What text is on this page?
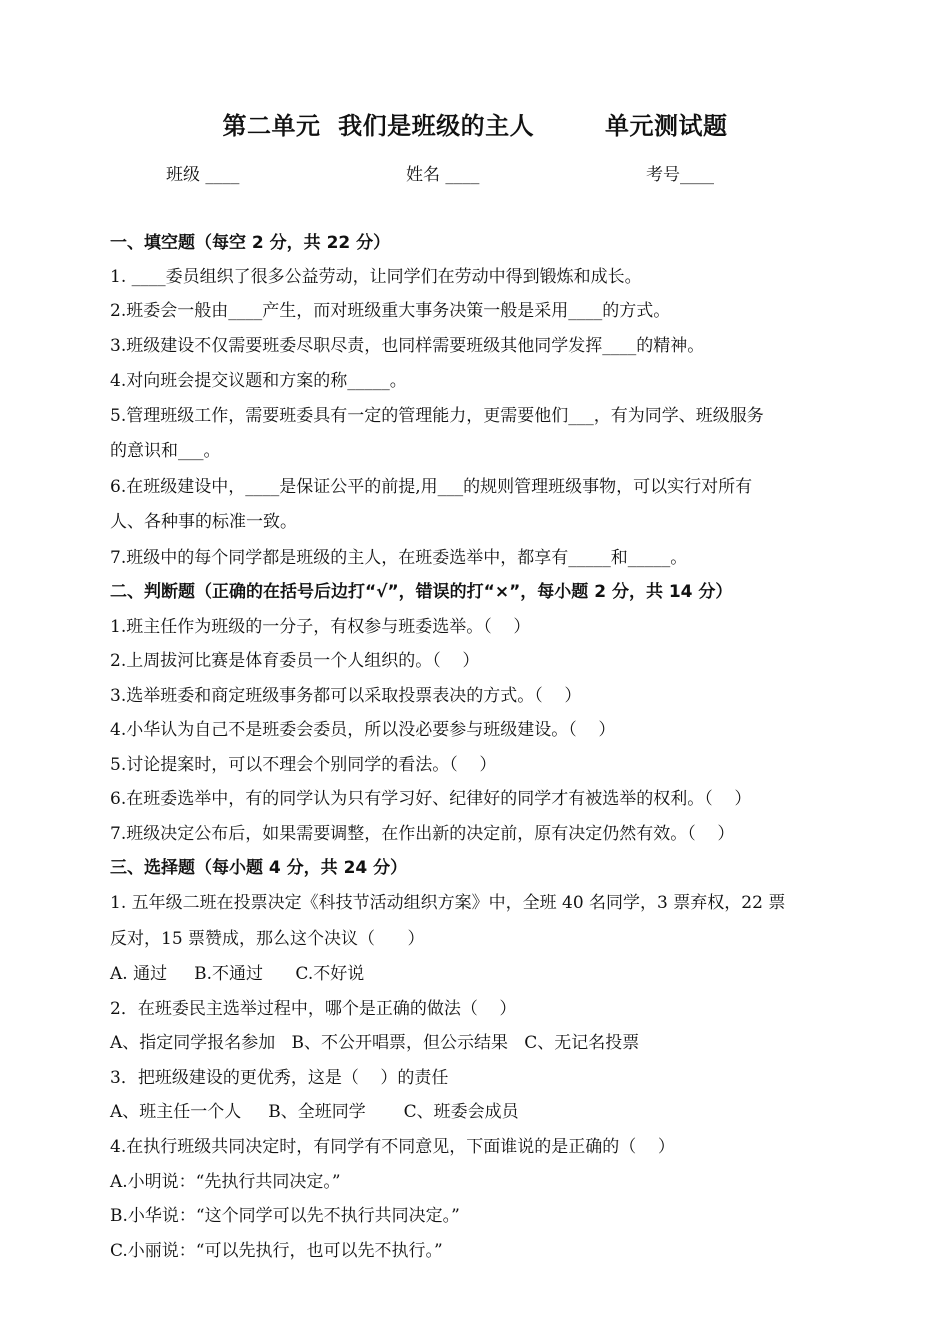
第二单元  我们是班级的主人        单元测试题
班级 ____	姓名 ____	考号____
一、填空题（每空 2 分，共 22 分）
1. ____委员组织了很多公益劳动，让同学们在劳动中得到锻炼和成长。
2.班委会一般由____产生，而对班级重大事务决策一般是采用____的方式。
3.班级建设不仅需要班委尽职尽责，也同样需要班级其他同学发挥____的精神。
4.对向班会提交议题和方案的称_____。
5.管理班级工作，需要班委具有一定的管理能力，更需要他们___，有为同学、班级服务
的意识和___。
6.在班级建设中，____是保证公平的前提,用___的规则管理班级事物，可以实行对所有
人、各种事的标准一致。
7.班级中的每个同学都是班级的主人，在班委选举中，都享有_____和_____。
二、判断题（正确的在括号后边打“√”，错误的打“×”，每小题 2 分，共 14 分）
1.班主任作为班级的一分子，有权参与班委选举。（    ）
2.上周拔河比赛是体育委员一个人组织的。（    ）
3.选举班委和商定班级事务都可以采取投票表决的方式。（    ）
4.小华认为自己不是班委会委员，所以没必要参与班级建设。（    ）
5.讨论提案时，可以不理会个别同学的看法。（    ）
6.在班委选举中，有的同学认为只有学习好、纪律好的同学才有被选举的权利。（    ）
7.班级决定公布后，如果需要调整，在作出新的决定前，原有决定仍然有效。（    ）
三、选择题（每小题 4 分，共 24 分）
1. 五年级二班在投票决定《科技节活动组织方案》中，全班 40 名同学，3 票弃权，22 票
反对，15 票赞成，那么这个决议（      ）
A. 通过     B.不通过      C.不好说
2．在班委民主选举过程中，哪个是正确的做法（    ）
A、指定同学报名参加   B、不公开唱票，但公示结果   C、无记名投票
3．把班级建设的更优秀，这是（    ）的责任
A、班主任一个人     B、全班同学       C、班委会成员
4.在执行班级共同决定时，有同学有不同意见，下面谁说的是正确的（    ）
A.小明说：“先执行共同决定。”
B.小华说：“这个同学可以先不执行共同决定。”
C.小丽说：“可以先执行，也可以先不执行。”
